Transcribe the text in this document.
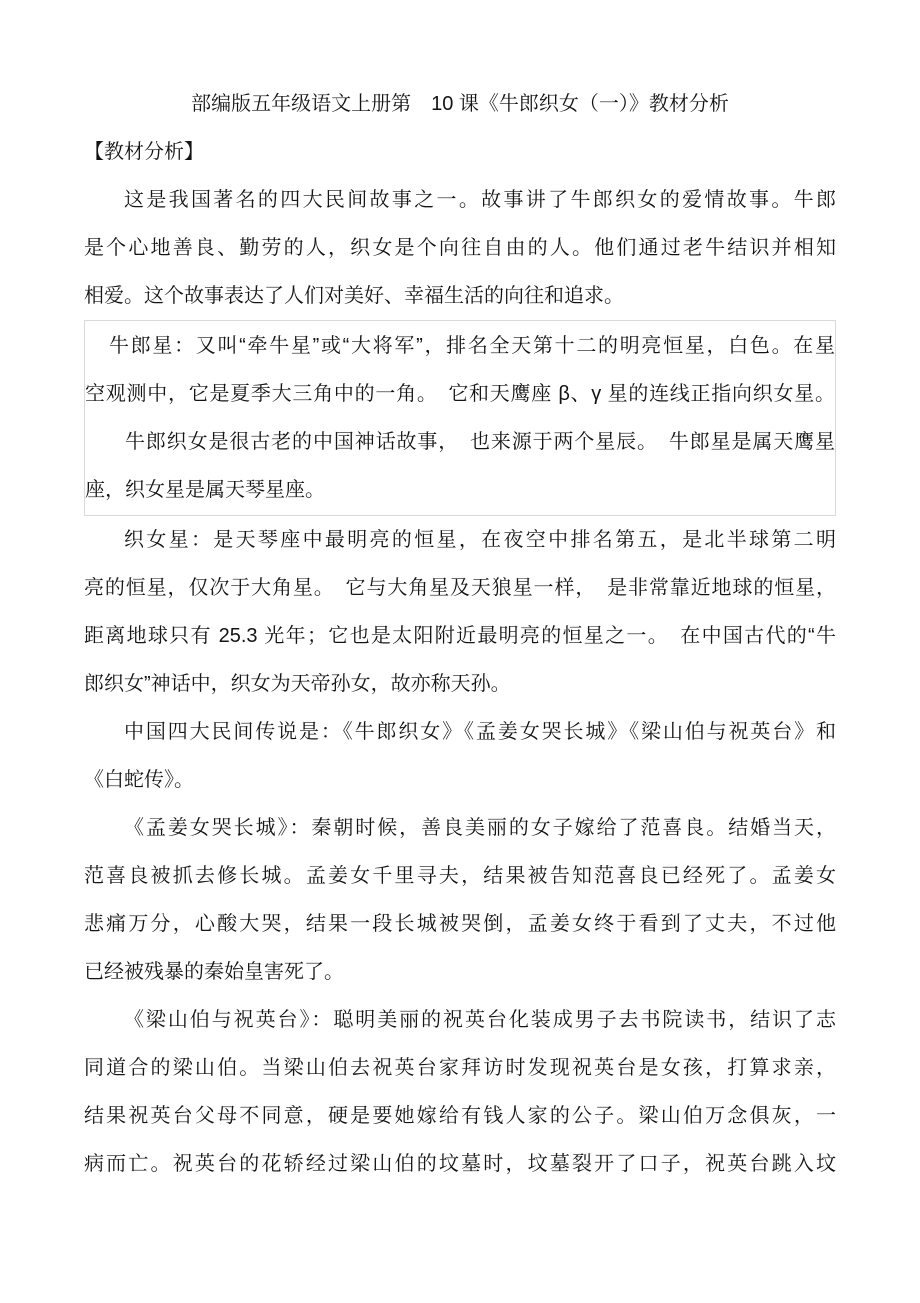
部编版五年级语文上册第　10 课《牛郎织女（一）》教材分析
【教材分析】
这是我国著名的四大民间故事之一。故事讲了牛郎织女的爱情故事。牛郎
是个心地善良、勤劳的人，织女是个向往自由的人。他们通过老牛结识并相知
相爱。这个故事表达了人们对美好、幸福生活的向往和追求。
牛郎星：又叫“牵牛星”或“大将军”，排名全天第十二的明亮恒星，白色。在星
空观测中，它是夏季大三角中的一角。　它和天鹰座 β、γ 星的连线正指向织女星。
牛郎织女是很古老的中国神话故事，　也来源于两个星辰。　牛郎星是属天鹰星
座，织女星是属天琴星座。
织女星：是天琴座中最明亮的恒星，在夜空中排名第五，是北半球第二明
亮的恒星，仅次于大角星。　它与大角星及天狼星一样，　是非常靠近地球的恒星，
距离地球只有 25.3 光年；它也是太阳附近最明亮的恒星之一。　在中国古代的“牛
郎织女”神话中，织女为天帝孙女，故亦称天孙。
中国四大民间传说是：《牛郎织女》《孟姜女哭长城》《梁山伯与祝英台》和
《白蛇传》。
《孟姜女哭长城》：秦朝时候，善良美丽的女子嫁给了范喜良。结婚当天，
范喜良被抓去修长城。孟姜女千里寻夫，结果被告知范喜良已经死了。孟姜女
悲痛万分，心酸大哭，结果一段长城被哭倒，孟姜女终于看到了丈夫，不过他
已经被残暴的秦始皇害死了。
《梁山伯与祝英台》：聪明美丽的祝英台化装成男子去书院读书，结识了志
同道合的梁山伯。当梁山伯去祝英台家拜访时发现祝英台是女孩，打算求亲，
结果祝英台父母不同意，硬是要她嫁给有钱人家的公子。梁山伯万念俱灰，一
病而亡。祝英台的花轿经过梁山伯的坟墓时，坟墓裂开了口子，祝英台跳入坟
